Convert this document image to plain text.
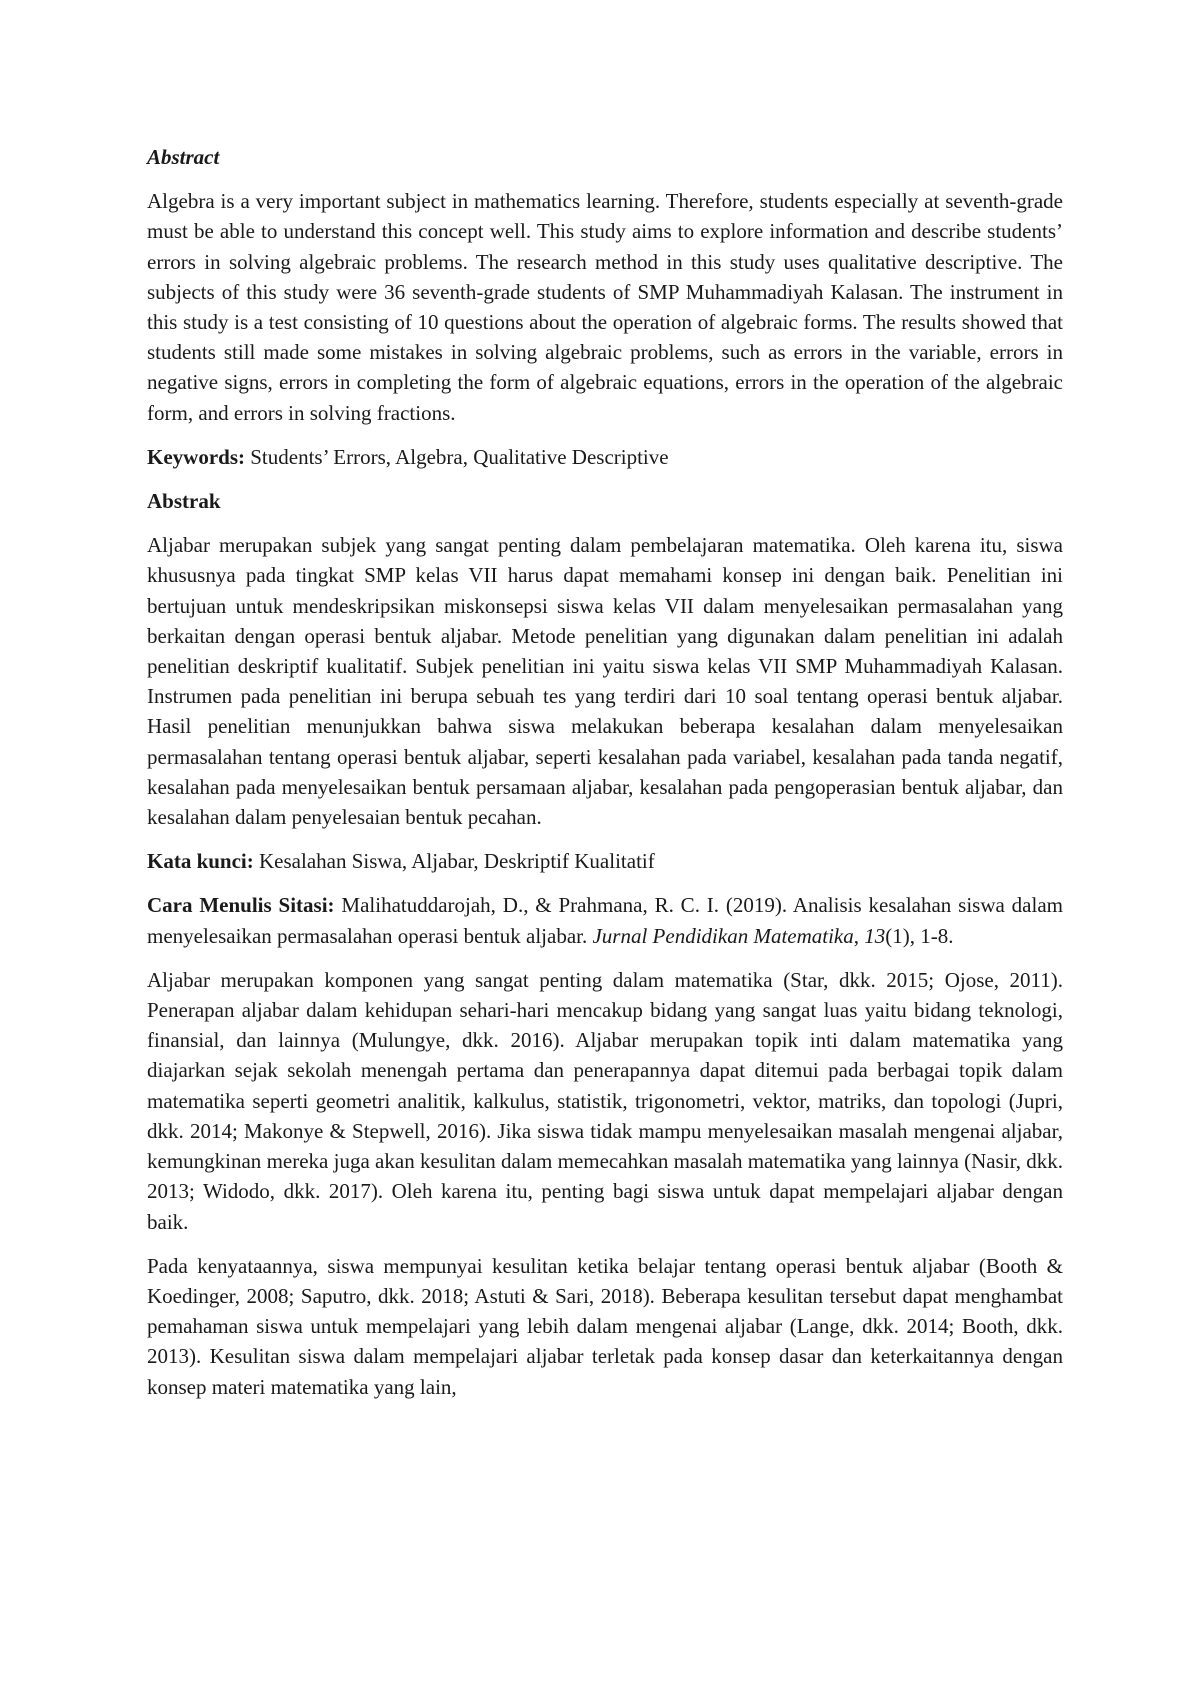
Abstract

Algebra is a very important subject in mathematics learning. Therefore, students especially at seventh-grade must be able to understand this concept well. This study aims to explore information and describe students’ errors in solving algebraic problems. The research method in this study uses qualitative descriptive. The subjects of this study were 36 seventh-grade students of SMP Muhammadiyah Kalasan. The instrument in this study is a test consisting of 10 questions about the operation of algebraic forms. The results showed that students still made some mistakes in solving algebraic problems, such as errors in the variable, errors in negative signs, errors in completing the form of algebraic equations, errors in the operation of the algebraic form, and errors in solving fractions.

Keywords: Students’ Errors, Algebra, Qualitative Descriptive

Abstrak

Aljabar merupakan subjek yang sangat penting dalam pembelajaran matematika. Oleh karena itu, siswa khususnya pada tingkat SMP kelas VII harus dapat memahami konsep ini dengan baik. Penelitian ini bertujuan untuk mendeskripsikan miskonsepsi siswa kelas VII dalam menyelesaikan permasalahan yang berkaitan dengan operasi bentuk aljabar. Metode penelitian yang digunakan dalam penelitian ini adalah penelitian deskriptif kualitatif. Subjek penelitian ini yaitu siswa kelas VII SMP Muhammadiyah Kalasan. Instrumen pada penelitian ini berupa sebuah tes yang terdiri dari 10 soal tentang operasi bentuk aljabar. Hasil penelitian menunjukkan bahwa siswa melakukan beberapa kesalahan dalam menyelesaikan permasalahan tentang operasi bentuk aljabar, seperti kesalahan pada variabel, kesalahan pada tanda negatif, kesalahan pada menyelesaikan bentuk persamaan aljabar, kesalahan pada pengoperasian bentuk aljabar, dan kesalahan dalam penyelesaian bentuk pecahan.

Kata kunci: Kesalahan Siswa, Aljabar, Deskriptif Kualitatif

Cara Menulis Sitasi: Malihatuddarojah, D., & Prahmana, R. C. I. (2019). Analisis kesalahan siswa dalam menyelesaikan permasalahan operasi bentuk aljabar. Jurnal Pendidikan Matematika, 13(1), 1-8.

Aljabar merupakan komponen yang sangat penting dalam matematika (Star, dkk. 2015; Ojose, 2011). Penerapan aljabar dalam kehidupan sehari-hari mencakup bidang yang sangat luas yaitu bidang teknologi, finansial, dan lainnya (Mulungye, dkk. 2016). Aljabar merupakan topik inti dalam matematika yang diajarkan sejak sekolah menengah pertama dan penerapannya dapat ditemui pada berbagai topik dalam matematika seperti geometri analitik, kalkulus, statistik, trigonometri, vektor, matriks, dan topologi (Jupri, dkk. 2014; Makonye & Stepwell, 2016). Jika siswa tidak mampu menyelesaikan masalah mengenai aljabar, kemungkinan mereka juga akan kesulitan dalam memecahkan masalah matematika yang lainnya (Nasir, dkk. 2013; Widodo, dkk. 2017). Oleh karena itu, penting bagi siswa untuk dapat mempelajari aljabar dengan baik.

Pada kenyataannya, siswa mempunyai kesulitan ketika belajar tentang operasi bentuk aljabar (Booth & Koedinger, 2008; Saputro, dkk. 2018; Astuti & Sari, 2018). Beberapa kesulitan tersebut dapat menghambat pemahaman siswa untuk mempelajari yang lebih dalam mengenai aljabar (Lange, dkk. 2014; Booth, dkk. 2013). Kesulitan siswa dalam mempelajari aljabar terletak pada konsep dasar dan keterkaitannya dengan konsep materi matematika yang lain,
